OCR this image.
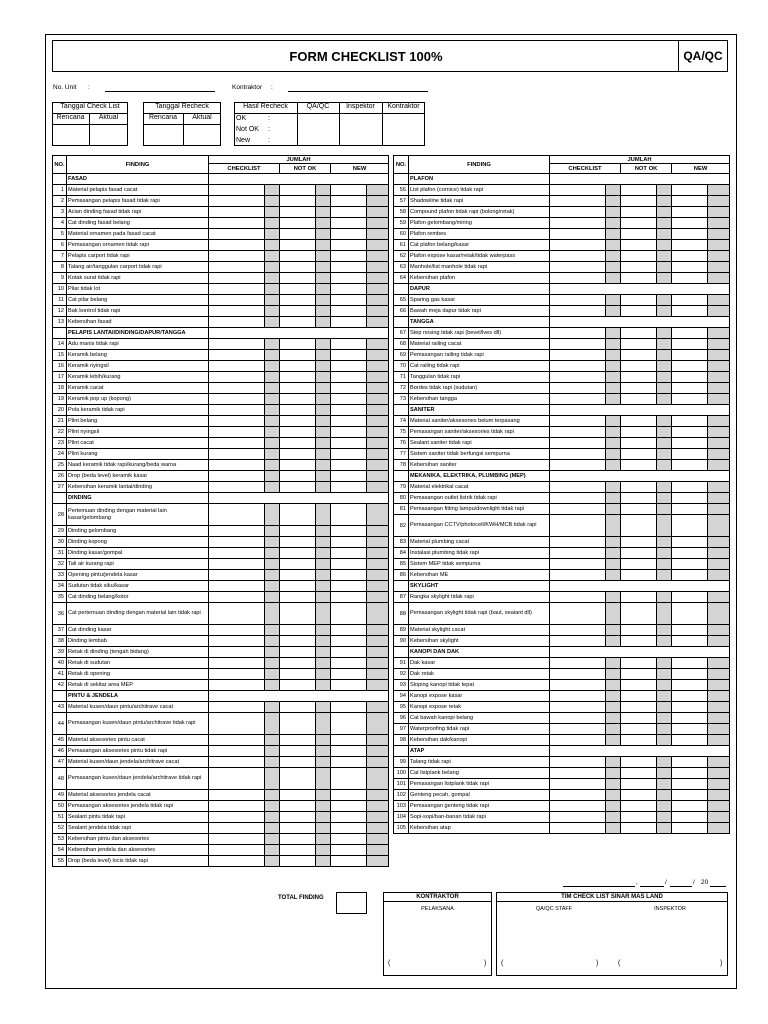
FORM CHECKLIST 100%	QA/QC
No. Unit :	Kontraktor :
Tanggal Check List
Rencana	Aktual
Tanggal Recheck
Rencana	Aktual
Hasil Recheck	QA/QC	Inspektor	Kontraktor
OK
Not OK
New
:
:
:
NO.	FINDING	JUMLAH					
		CHECKLIST		NOT OK		NEW	
	FASAD						
1	Material pelapis fasad cacat						
2	Pemasangan pelapis fasad tidak rapi						
3	Acian dinding fasad tidak rapi						
4	Cat dinding fasad belang						
5	Material ornamen pada fasad cacat						
6	Pemasangan ornamen tidak rapi						
7	Pelapis carport tidak rapi						
8	Talang air/tanggulan carport tidak rapi						
9	Kotak surat tidak rapi						
10	Pilar tidak lot						
11	Cat pilar belang						
12	Bak kontrol tidak rapi						
13	Kebersihan fasad						
	PELAPIS LANTAI/DINDING/DAPUR/TANGGA						
14	Adu manis tidak rapi						
15	Keramik belang						
16	Keramik nyingsil						
17	Keramik lebih/kurang						
18	Keramik cacat						
19	Keramik pop up (kopong)						
20	Pola keramik tidak rapi						
21	Plint belang						
22	Plint nyingsil						
23	Plint cacat						
24	Plint kurang						
25	Naad keramik tidak rapi/kurang/beda warna						
26	Drop (beda level) keramik kasar						
27	Kebersihan keramik lantai/dinding						
	DINDING						
28	Pertemuan dinding dengan material lain kasar/gelombang						
29	Dinding gelombang						
30	Dinding kopong						
31	Dinding kasar/gompal						
32	Tali air kurang rapi						
33	Opening pintu/jendela kasar						
34	Sudutan tidak siku/kasar						
35	Cat dinding belang/kotor						
36	Cat pertemuan dinding dengan material lain tidak rapi						
37	Cat dinding kasar						
38	Dinding lembab						
39	Retak di dinding (tengah bidang)						
40	Retak di sudutan						
41	Retak di opening						
42	Retak di sekitar area MEP						
	PINTU & JENDELA						
43	Material kusen/daun pintu/architrave cacat						
44	Pemasangan kusen/daun pintu/architrave tidak rapi						
45	Material aksesories pintu cacat						
46	Pemasangan aksesories pintu tidak rapi						
47	Material kusen/daun jendela/architrave cacat						
48	Pemasangan kusen/daun jendela/architrave tidak rapi						
49	Material aksesories jendela cacat						
50	Pemasangan aksesories jendela tidak rapi						
51	Sealant pintu tidak rapi						
52	Sealant jendela tidak rapi						
53	Kebersihan pintu dan aksesories						
54	Kebersihan jendela dan aksesories						
55	Drop (beda level) locis tidak rapi						
NO.	FINDING	JUMLAH					
		CHECKLIST		NOT OK		NEW	
	PLAFON						
56	List plafon (cornice) tidak rapi						
57	Shadowline tidak rapi						
58	Compound plafon tidak rapi (bolong/retak)						
59	Plafon gelombang/miring						
60	Plafon rembes						
61	Cat plafon belang/kasar						
62	Plafon expose kasar/retak/tidak waterpass						
63	Manhole/list manhole tidak rapi						
64	Kebersihan plafon						
	DAPUR						
65	Sparing gas kasar						
66	Bawah meja dapur tidak rapi						
	TANGGA						
67	Step nosing tidak rapi (bevel/lves dll)						
68	Material railing cacat						
69	Pemasangan railing tidak rapi						
70	Cat railing tidak rapi						
71	Tanggulan tidak rapi						
72	Bordes tidak rapi (sudutan)						
73	Kebersihan tangga						
	SANITER						
74	Material saniter/aksesories belum terpasang						
75	Pemasangan saniter/aksesories tidak rapi						
76	Sealant saniter tidak rapi						
77	Sistem saniter tidak berfungsi sempurna						
78	Kebersihan saniter						
	MEKANIKA, ELEKTRIKA, PLUMBING (MEP)						
79	Material elektrikal cacat						
80	Pemasangan outlet listrik tidak rapi						
81	Pemasangan fitting lampu/downlight tidak rapi						
82	Pemasangan CCTV/photocell/KWH/MCB tidak rapi						
83	Material plumbing cacat						
84	Instalasi plumbing tidak rapi						
85	Sistem MEP tidak sempurna						
86	Kebersihan ME						
	SKYLIGHT						
87	Rangka skylight tidak rapi						
88	Pemasangan skylight tidak rapi (baut, sealant dll)						
89	Material skylight cacat						
90	Kebersihan skylight						
	KANOPI DAN DAK						
91	Dak kasar						
92	Dak retak						
93	Sloping kanopi tidak tepat						
94	Kanopi expose kasar						
95	Kanopi expose retak						
96	Cat bawah kanopi belang						
97	Waterproofing tidak rapi						
98	Kebersihan dak/kanopi						
	ATAP						
99	Talang tidak rapi						
100	Cat listplank belang						
101	Pemasangan listplank tidak rapi						
102	Genteng pecah, gompal						
103	Pemasangan genteng tidak rapi						
104	Sopi-sopi/ban-banan tidak rapi						
105	Kebersihan atap						
TOTAL FINDING	KONTRAKTOR
PELAKSANA
(	)
TIM CHECK LIST SINAR MAS LAND
QA/QC STAFF	INSPEKTOR
(	)	(	)
,	/	/ 20
